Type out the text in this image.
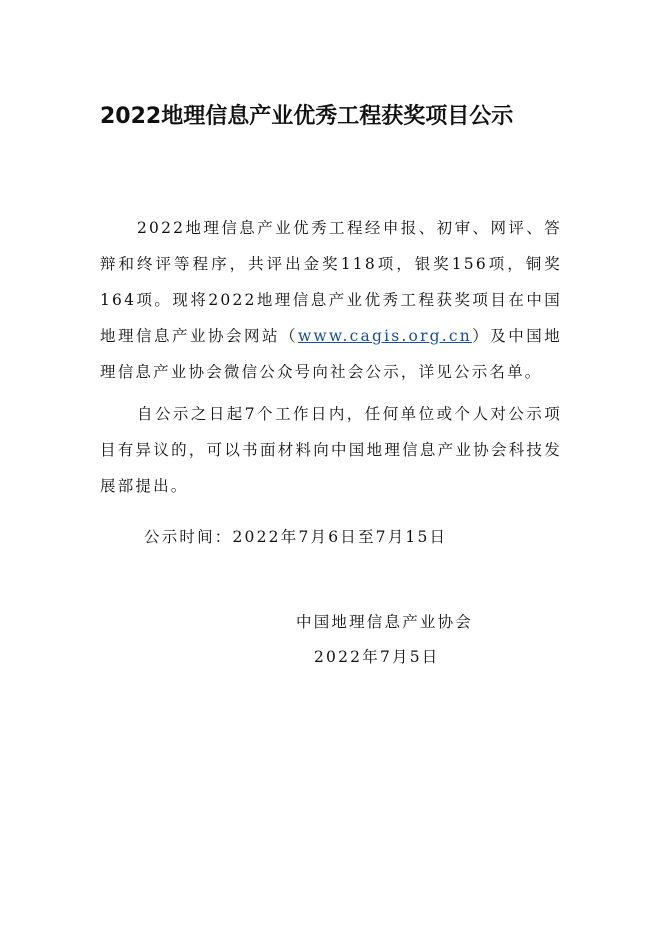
2022地理信息产业优秀工程获奖项目公示

2022地理信息产业优秀工程经申报、初审、网评、答辩和终评等程序，共评出金奖118项，银奖156项，铜奖164项。现将2022地理信息产业优秀工程获奖项目在中国地理信息产业协会网站（www.cagis.org.cn）及中国地理信息产业协会微信公众号向社会公示，详见公示名单。

自公示之日起7个工作日内，任何单位或个人对公示项目有异议的，可以书面材料向中国地理信息产业协会科技发展部提出。

公示时间：2022年7月6日至7月15日
中国地理信息产业协会
2022年7月5日
